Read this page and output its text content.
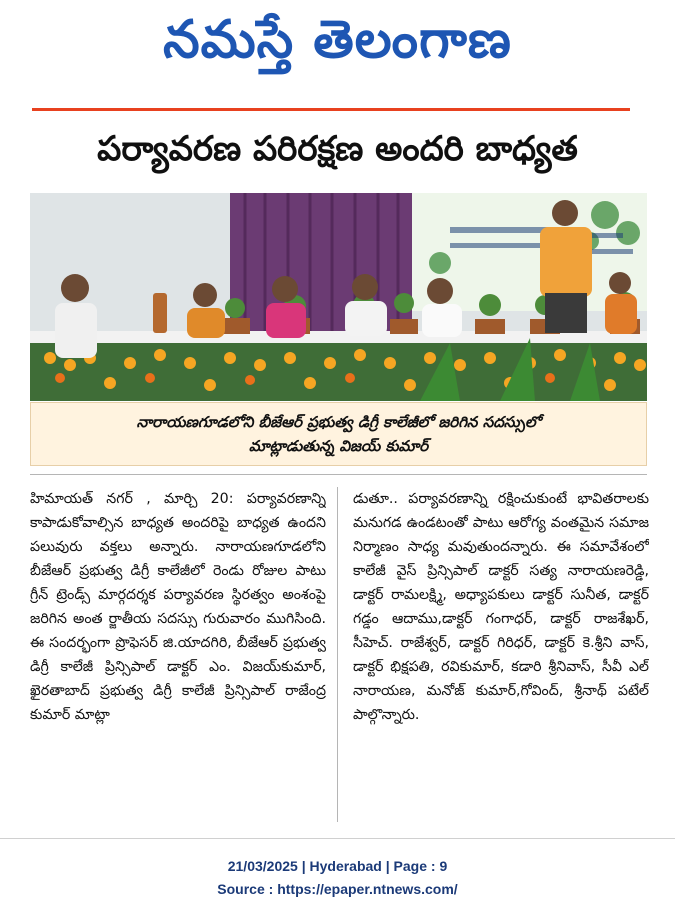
నమస్తే తెలంగాణ
పర్యావరణ పరిరక్షణ అందరి బాధ్యత
నారాయణగూడలోని బీజేఆర్ ప్రభుత్వ డిగ్రీ కాలేజీలో జరిగిన సదస్సులో
మాట్లాడుతున్న విజయ్ కుమార్

హిమాయత్ నగర్ , మార్చి 20: పర్యావరణాన్ని కాపాడుకోవాల్సిన బాధ్యత అందరిపై బాధ్యత ఉందని పలువురు వక్తలు అన్నారు. నారాయణగూడలోని బీజేఆర్ ప్రభుత్వ డిగ్రీ కాలేజీలో రెండు రోజుల పాటు గ్రీన్ ట్రెండ్స్ మార్గదర్శక పర్యావరణ స్థిరత్వం అంశంపై జరిగిన అంత ర్జాతీయ సదస్సు గురువారం ముగిసింది. ఈ సందర్భంగా ప్రొఫెసర్ జి.యాదగిరి, బీజేఆర్ ప్రభుత్వ డిగ్రీ కాలేజీ ప్రిన్సిపాల్ డాక్టర్ ఎం. విజయ్‌కుమార్, ఖైరతాబాద్ ప్రభుత్వ డిగ్రీ కాలేజీ ప్రిన్సిపాల్ రాజేంద్ర కుమార్ మాట్లా

డుతూ.. పర్యావరణాన్ని రక్షించుకుంటే భావితరాలకు మనుగడ ఉండటంతో పాటు ఆరోగ్య వంతమైన సమాజ నిర్మాణం సాధ్య మవుతుందన్నారు. ఈ సమావేశంలో కాలేజీ వైస్ ప్రిన్సిపాల్ డాక్టర్ సత్య నారాయణరెడ్డి, డాక్టర్ రామలక్ష్మి, అధ్యాపకులు డాక్టర్ సునీత, డాక్టర్ గడ్డం ఆదాము,డాక్టర్ గంగాధర్, డాక్టర్ రాజశేఖర్, సీహెచ్. రాజేశ్వర్, డాక్టర్ గిరిధర్, డాక్టర్ కె.శ్రీని వాస్, డాక్టర్ భిక్షపతి, రవికుమార్, కడారి శ్రీనివాస్, సీవీ ఎల్ నారాయణ, మనోజ్ కుమార్,గోవింద్, శ్రీనాథ్ పటేల్ పాల్గొన్నారు.

21/03/2025 | Hyderabad | Page : 9
Source : https://epaper.ntnews.com/
